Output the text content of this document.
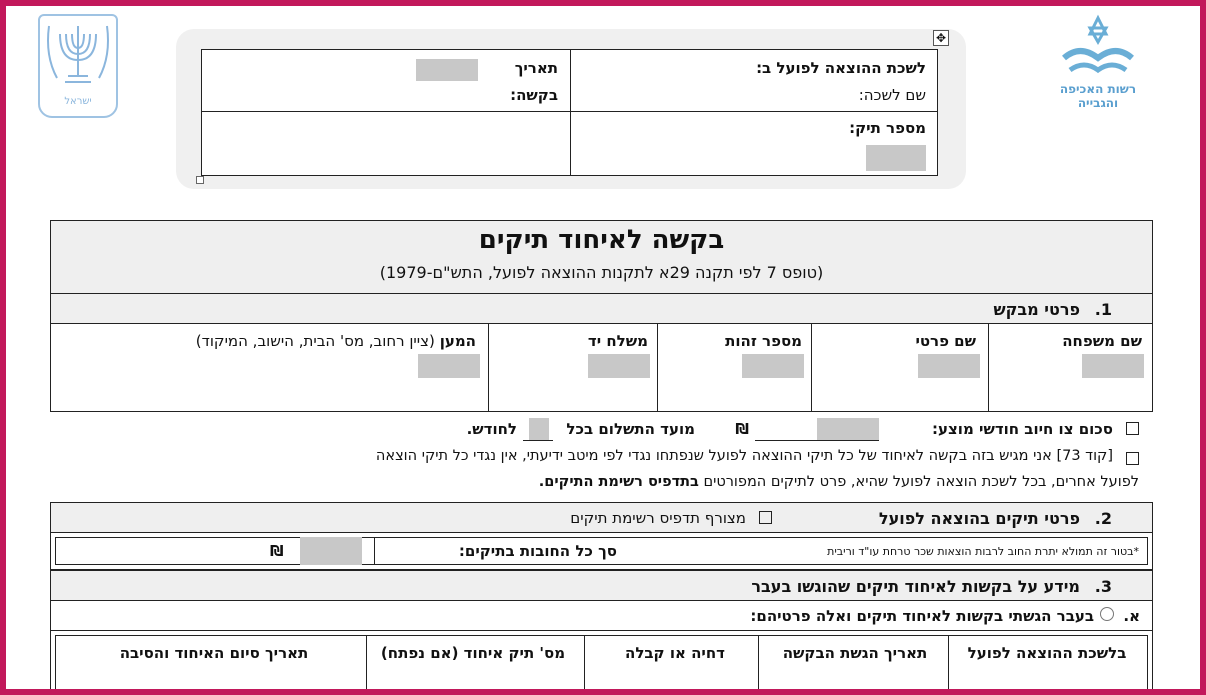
רשות האכיפה
והגבייה
ישראל
✥
לשכת ההוצאה לפועל ב:
שם לשכה:
תאריך
בקשה:
מספר תיק:
בקשה לאיחוד תיקים
(טופס 7 לפי תקנה 29א לתקנות ההוצאה לפועל, התש"ם-1979)
1.
פרטי מבקש
שם משפחה
שם פרטי
מספר זהות
משלח יד
המען (ציין רחוב, מס' הבית, הישוב, המיקוד)
סכום צו חיוב חודשי מוצע:
₪
מועד התשלום בכל
לחודש.
[קוד 73] אני מגיש בזה בקשה לאיחוד של כל תיקי ההוצאה לפועל שנפתחו נגדי לפי מיטב ידיעתי, אין נגדי כל תיקי הוצאה
לפועל אחרים, בכל לשכת הוצאה לפועל שהיא, פרט לתיקים המפורטים בתדפיס רשימת התיקים.
2.
פרטי תיקים בהוצאה לפועל
מצורף תדפיס רשימת תיקים
*בטור זה תמולא יתרת החוב לרבות הוצאות שכר טרחת עו"ד וריבית
סך כל החובות בתיקים:
₪
3.
מידע על בקשות לאיחוד תיקים שהוגשו בעבר
א.
בעבר הגשתי בקשות לאיחוד תיקים ואלה פרטיהם:
בלשכת ההוצאה לפועל
תאריך הגשת הבקשה
דחיה או קבלה
מס' תיק איחוד (אם נפתח)
תאריך סיום האיחוד והסיבה
